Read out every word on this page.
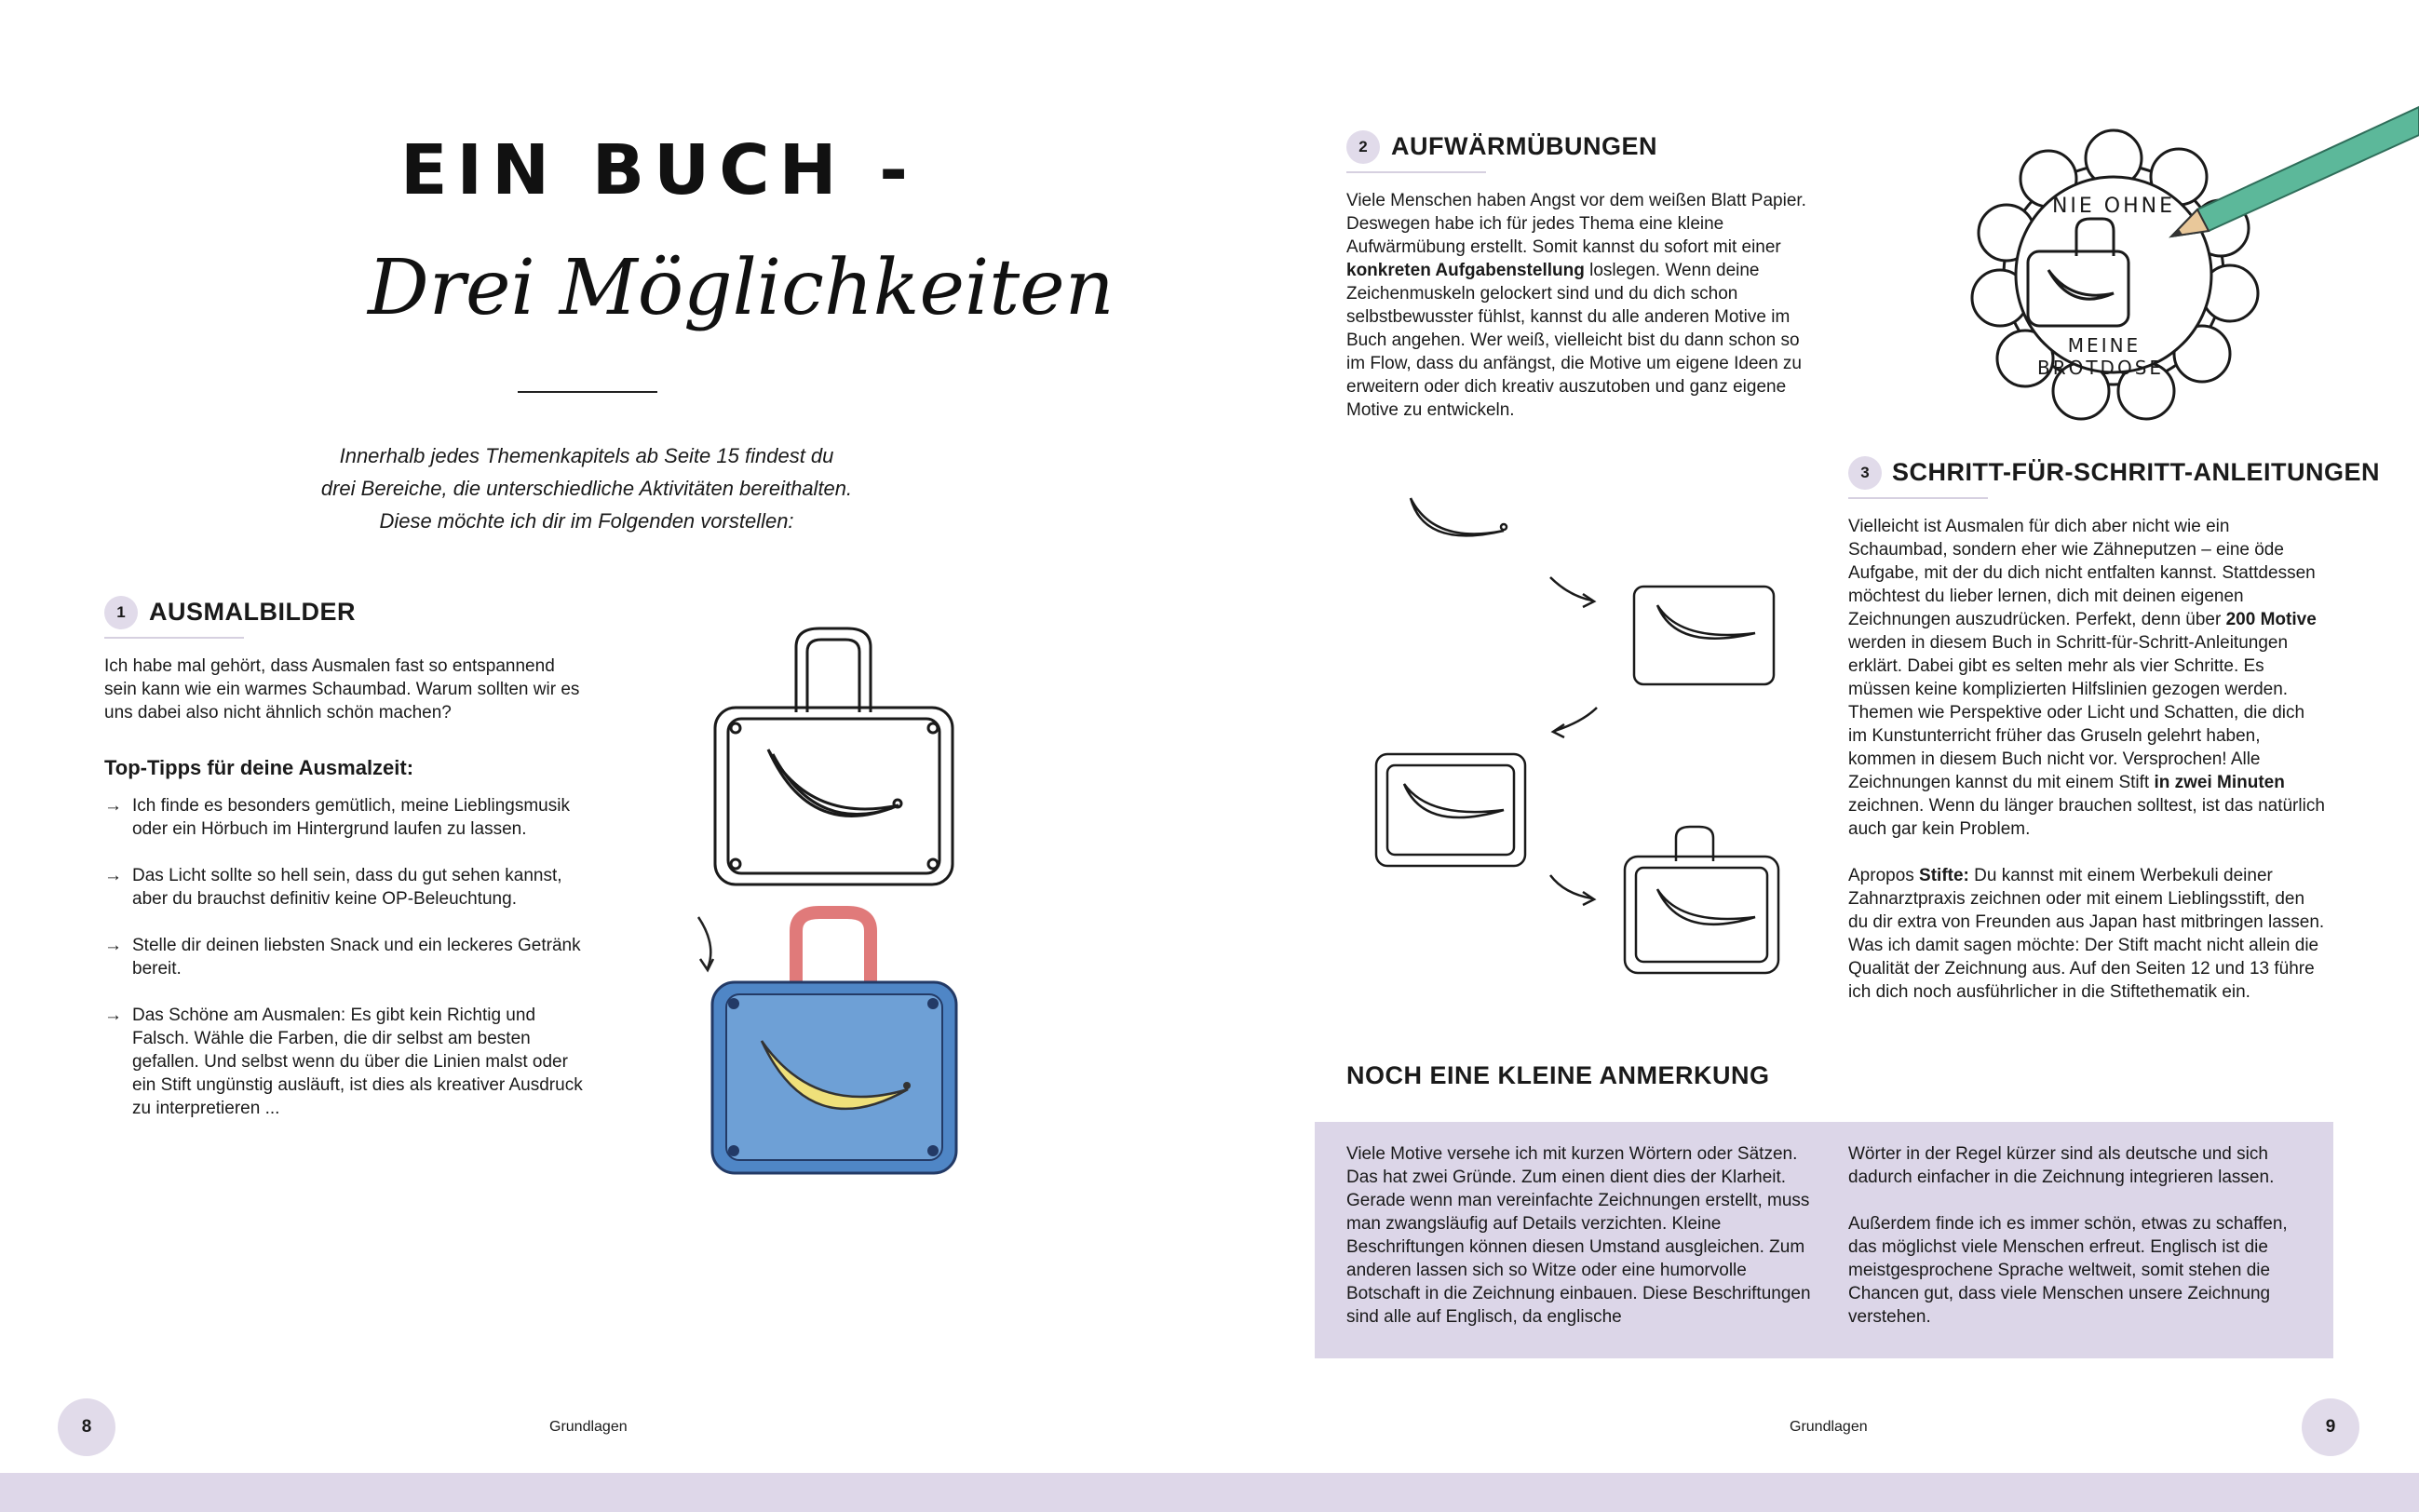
EIN BUCH -
Drei Möglichkeiten
Innerhalb jedes Themenkapitels ab Seite 15 findest du
drei Bereiche, die unterschiedliche Aktivitäten bereithalten.
Diese möchte ich dir im Folgenden vorstellen:
1 AUSMALBILDER
Ich habe mal gehört, dass Ausmalen fast so entspannend sein kann wie ein warmes Schaumbad. Warum sollten wir es uns dabei also nicht ähnlich schön machen?
Top-Tipps für deine Ausmalzeit:
→ Ich finde es besonders gemütlich, meine Lieblingsmusik oder ein Hörbuch im Hintergrund laufen zu lassen.
→ Das Licht sollte so hell sein, dass du gut sehen kannst, aber du brauchst definitiv keine OP-Beleuchtung.
→ Stelle dir deinen liebsten Snack und ein leckeres Getränk bereit.
→ Das Schöne am Ausmalen: Es gibt kein Richtig und Falsch. Wähle die Farben, die dir selbst am besten gefallen. Und selbst wenn du über die Linien malst oder ein Stift ungünstig ausläuft, ist dies als kreativer Ausdruck zu interpretieren ...
2 AUFWÄRMÜBUNGEN
Viele Menschen haben Angst vor dem weißen Blatt Papier. Deswegen habe ich für jedes Thema eine kleine Aufwärmübung erstellt. Somit kannst du sofort mit einer konkreten Aufgabenstellung loslegen. Wenn deine Zeichenmuskeln gelockert sind und du dich schon selbstbewusster fühlst, kannst du alle anderen Motive im Buch angehen. Wer weiß, vielleicht bist du dann schon so im Flow, dass du anfängst, die Motive um eigene Ideen zu erweitern oder dich kreativ auszutoben und ganz eigene Motive zu entwickeln.
NIE OHNE
MEINE
BROTDOSE
3 SCHRITT-FÜR-SCHRITT-ANLEITUNGEN

Vielleicht ist Ausmalen für dich aber nicht wie ein Schaumbad, sondern eher wie Zähneputzen – eine öde Aufgabe, mit der du dich nicht entfalten kannst. Stattdessen möchtest du lieber lernen, dich mit deinen eigenen Zeichnungen auszudrücken. Perfekt, denn über 200 Motive werden in diesem Buch in Schritt-für-Schritt-Anleitungen erklärt. Dabei gibt es selten mehr als vier Schritte. Es müssen keine komplizierten Hilfslinien gezogen werden. Themen wie Perspektive oder Licht und Schatten, die dich im Kunstunterricht früher das Gruseln gelehrt haben, kommen in diesem Buch nicht vor. Versprochen! Alle Zeichnungen kannst du mit einem Stift in zwei Minuten zeichnen. Wenn du länger brauchen solltest, ist das natürlich auch gar kein Problem.

Apropos Stifte: Du kannst mit einem Werbekuli deiner Zahnarztpraxis zeichnen oder mit einem Lieblingsstift, den du dir extra von Freunden aus Japan hast mitbringen lassen. Was ich damit sagen möchte: Der Stift macht nicht allein die Qualität der Zeichnung aus. Auf den Seiten 12 und 13 führe ich dich noch ausführlicher in die Stiftethematik ein.

NOCH EINE KLEINE ANMERKUNG
Viele Motive versehe ich mit kurzen Wörtern oder Sätzen. Das hat zwei Gründe. Zum einen dient dies der Klarheit. Gerade wenn man vereinfachte Zeichnungen erstellt, muss man zwangsläufig auf Details verzichten. Kleine Beschriftungen können diesen Umstand ausgleichen. Zum anderen lassen sich so Witze oder eine humorvolle Botschaft in die Zeichnung einbauen. Diese Beschriftungen sind alle auf Englisch, da englische

Wörter in der Regel kürzer sind als deutsche und sich dadurch einfacher in die Zeichnung integrieren lassen.

Außerdem finde ich es immer schön, etwas zu schaffen, das möglichst viele Menschen erfreut. Englisch ist die meistgesprochene Sprache weltweit, somit stehen die Chancen gut, dass viele Menschen unsere Zeichnung verstehen.

8	Grundlagen	Grundlagen	9
